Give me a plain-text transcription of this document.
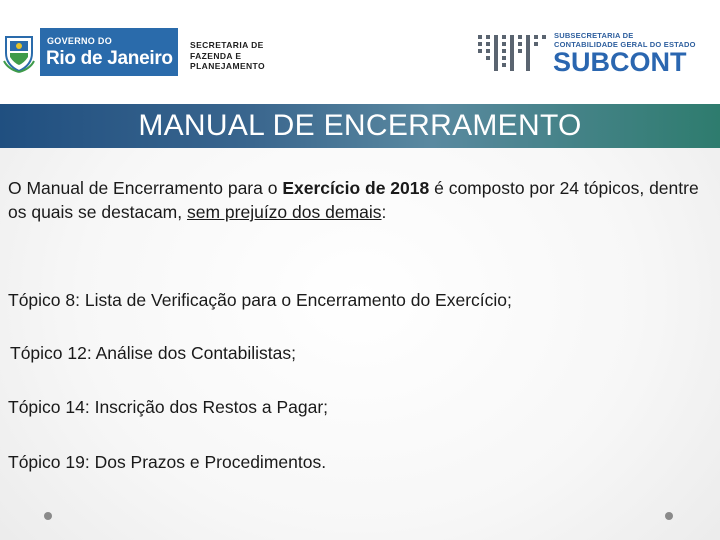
GOVERNO DO
Rio de Janeiro
SECRETARIA DE
FAZENDA E
PLANEJAMENTO
SUBSECRETARIA DE
CONTABILIDADE GERAL DO ESTADO
SUBCONT
MANUAL DE ENCERRAMENTO
O Manual de Encerramento para o Exercício de 2018 é composto por 24 tópicos, dentre os quais se destacam, sem prejuízo dos demais:
Tópico 8: Lista de Verificação para o Encerramento do Exercício;
Tópico 12: Análise dos Contabilistas;
Tópico 14: Inscrição dos Restos a Pagar;
Tópico 19: Dos Prazos e Procedimentos.
